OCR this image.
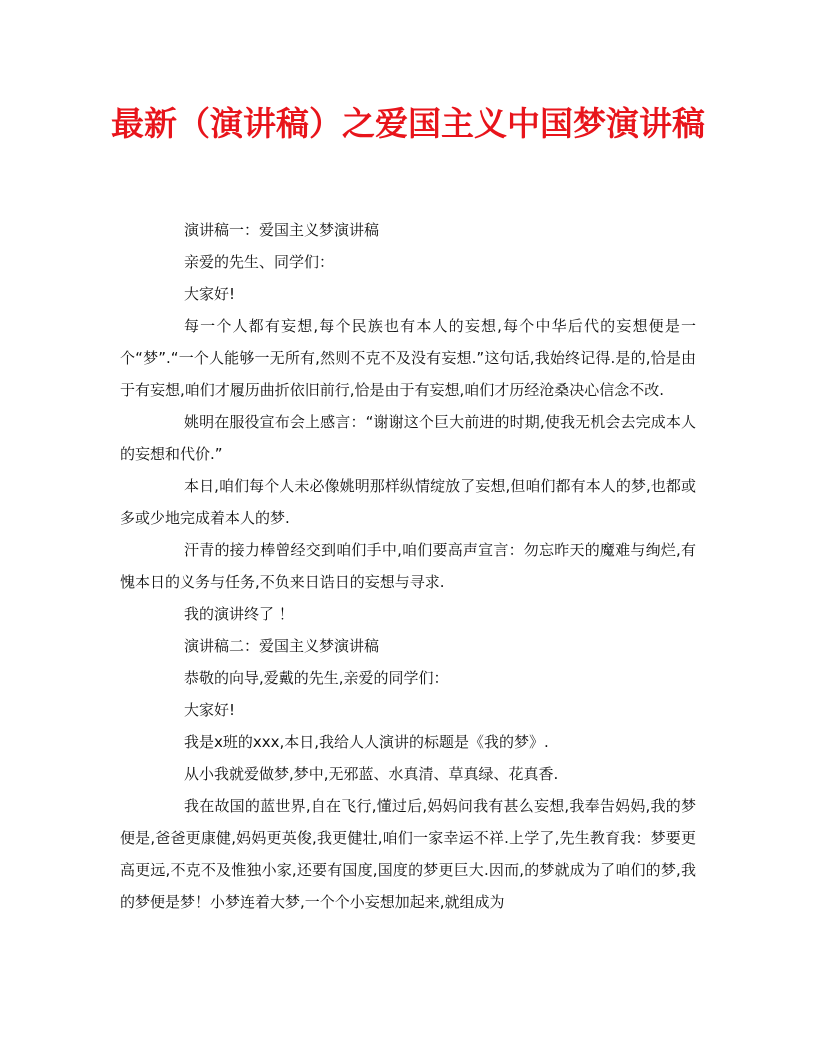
最新（演讲稿）之爱国主义中国梦演讲稿

演讲稿一：爱国主义梦演讲稿

亲爱的先生、同学们：

大家好!

每一个人都有妄想,每个民族也有本人的妄想,每个中华后代的妄想便是一个“梦”.“一个人能够一无所有,然则不克不及没有妄想.”这句话,我始终记得.是的,恰是由于有妄想,咱们才履历曲折依旧前行,恰是由于有妄想,咱们才历经沧桑决心信念不改.

姚明在服役宣布会上感言：“谢谢这个巨大前进的时期,使我无机会去完成本人的妄想和代价.”

本日,咱们每个人未必像姚明那样纵情绽放了妄想,但咱们都有本人的梦,也都或多或少地完成着本人的梦.

汗青的接力棒曾经交到咱们手中,咱们要高声宣言：勿忘昨天的魔难与绚烂,有愧本日的义务与任务,不负来日诰日的妄想与寻求.

我的演讲终了 ！

演讲稿二：爱国主义梦演讲稿

恭敬的向导,爱戴的先生,亲爱的同学们：

大家好!

我是x班的xxx,本日,我给人人演讲的标题是《我的梦》.

从小我就爱做梦,梦中,无邪蓝、水真清、草真绿、花真香.

我在故国的蓝世界,自在飞行,懂过后,妈妈问我有甚么妄想,我奉告妈妈,我的梦便是,爸爸更康健,妈妈更英俊,我更健壮,咱们一家幸运不祥.上学了,先生教育我：梦要更高更远,不克不及惟独小家,还要有国度,国度的梦更巨大.因而,的梦就成为了咱们的梦,我的梦便是梦！小梦连着大梦,一个个小妄想加起来,就组成为
